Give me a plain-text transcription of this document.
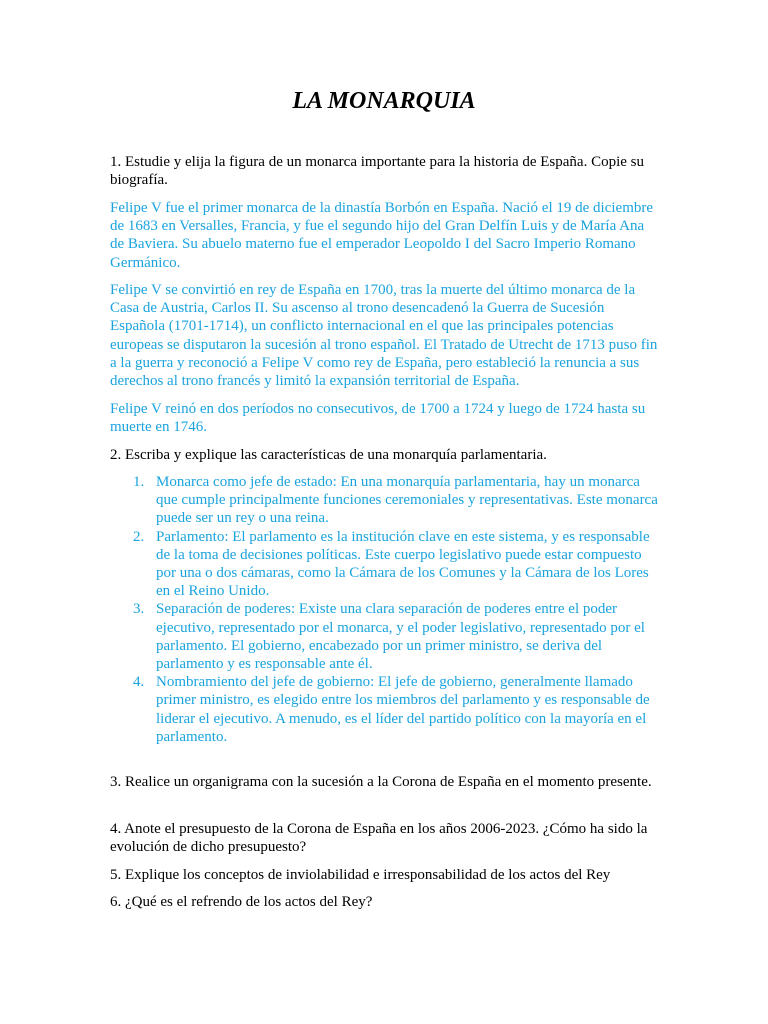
LA MONARQUIA
1. Estudie y elija la figura de un monarca importante para la historia de España. Copie su biografía.
Felipe V fue el primer monarca de la dinastía Borbón en España. Nació el 19 de diciembre de 1683 en Versalles, Francia, y fue el segundo hijo del Gran Delfín Luis y de María Ana de Baviera. Su abuelo materno fue el emperador Leopoldo I del Sacro Imperio Romano Germánico.
Felipe V se convirtió en rey de España en 1700, tras la muerte del último monarca de la Casa de Austria, Carlos II. Su ascenso al trono desencadenó la Guerra de Sucesión Española (1701-1714), un conflicto internacional en el que las principales potencias europeas se disputaron la sucesión al trono español. El Tratado de Utrecht de 1713 puso fin a la guerra y reconoció a Felipe V como rey de España, pero estableció la renuncia a sus derechos al trono francés y limitó la expansión territorial de España.
Felipe V reinó en dos períodos no consecutivos, de 1700 a 1724 y luego de 1724 hasta su muerte en 1746.
2. Escriba y explique las características de una monarquía parlamentaria.
1. Monarca como jefe de estado: En una monarquía parlamentaria, hay un monarca que cumple principalmente funciones ceremoniales y representativas. Este monarca puede ser un rey o una reina.
2. Parlamento: El parlamento es la institución clave en este sistema, y es responsable de la toma de decisiones políticas. Este cuerpo legislativo puede estar compuesto por una o dos cámaras, como la Cámara de los Comunes y la Cámara de los Lores en el Reino Unido.
3. Separación de poderes: Existe una clara separación de poderes entre el poder ejecutivo, representado por el monarca, y el poder legislativo, representado por el parlamento. El gobierno, encabezado por un primer ministro, se deriva del parlamento y es responsable ante él.
4. Nombramiento del jefe de gobierno: El jefe de gobierno, generalmente llamado primer ministro, es elegido entre los miembros del parlamento y es responsable de liderar el ejecutivo. A menudo, es el líder del partido político con la mayoría en el parlamento.
3. Realice un organigrama con la sucesión a la Corona de España en el momento presente.
4. Anote el presupuesto de la Corona de España en los años 2006-2023. ¿Cómo ha sido la evolución de dicho presupuesto?
5. Explique los conceptos de inviolabilidad e irresponsabilidad de los actos del Rey
6. ¿Qué es el refrendo de los actos del Rey?
